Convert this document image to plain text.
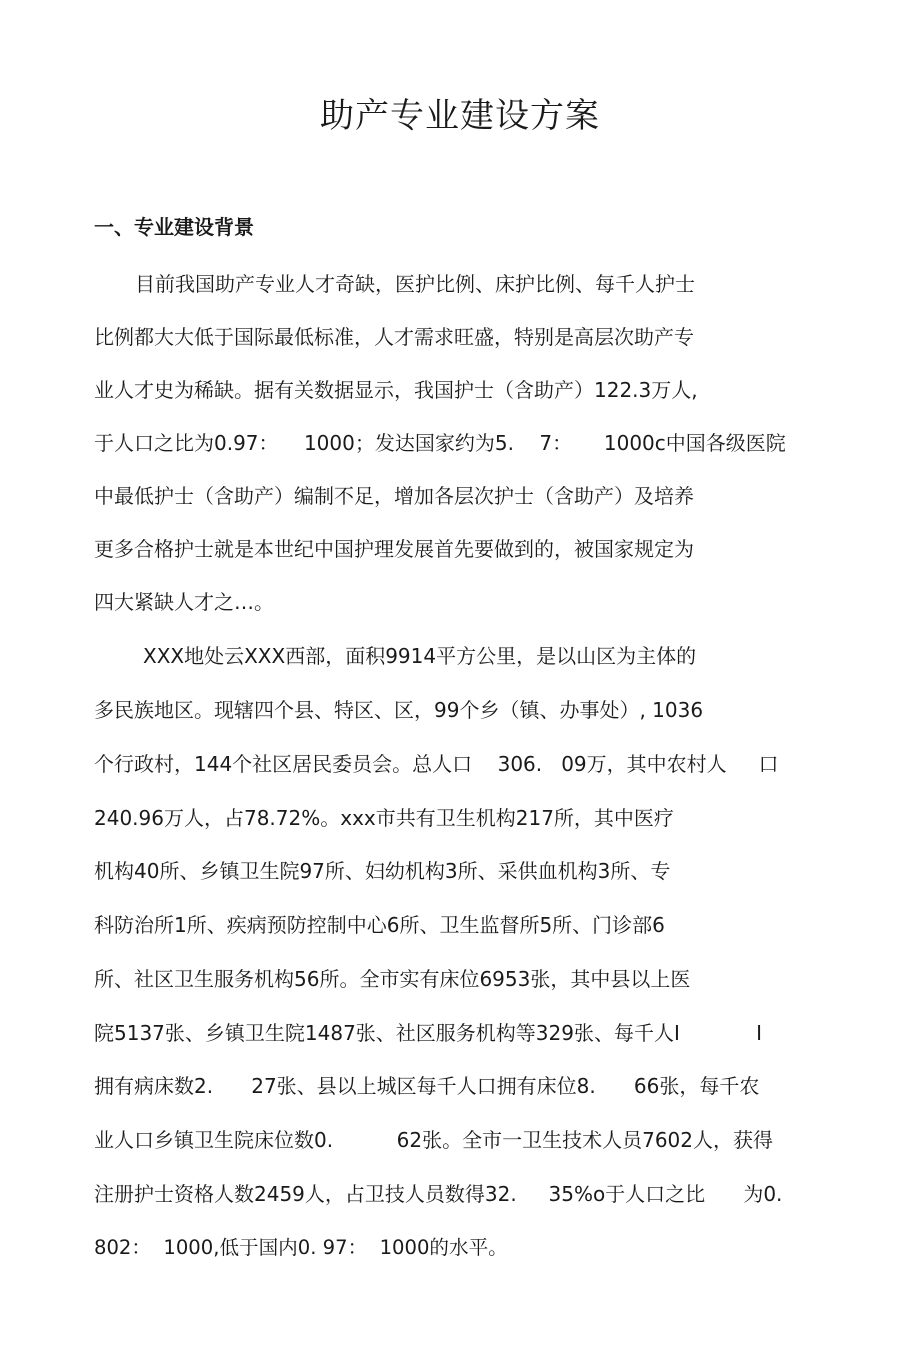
助产专业建设方案
一、专业建设背景
目前我国助产专业人才奇缺，医护比例、床护比例、每千人护士
比例都大大低于国际最低标准，人才需求旺盛，特别是高层次助产专
业人才史为稀缺。据有关数据显示，我国护士（含助产）122.3万人,
于人口之比为0.97：    1000；发达国家约为5.    7：     1000c中国各级医院
中最低护士（含助产）编制不足，增加各层次护士（含助产）及培养
更多合格护士就是本世纪中国护理发展首先要做到的，被国家规定为
四大紧缺人才之…。
XXX地处云XXX西部，面积9914平方公里，是以山区为主体的
多民族地区。现辖四个县、特区、区，99个乡（镇、办事处）, 1036
个行政村，144个社区居民委员会。总人口    306.   09万，其中农村人     口
240.96万人，占78.72%。xxx市共有卫生机构217所，其中医疗
机构40所、乡镇卫生院97所、妇幼机构3所、采供血机构3所、专
科防治所1所、疾病预防控制中心6所、卫生监督所5所、门诊部6
所、社区卫生服务机构56所。全市实有床位6953张，其中县以上医
院5137张、乡镇卫生院1487张、社区服务机构等329张、每千人I            I
拥有病床数2.      27张、县以上城区每千人口拥有床位8.      66张，每千农
业人口乡镇卫生院床位数0.          62张。全市一卫生技术人员7602人，获得
注册护士资格人数2459人，占卫技人员数得32.     35%o于人口之比      为0.
802：  1000,低于国内0. 97：  1000的水平。
